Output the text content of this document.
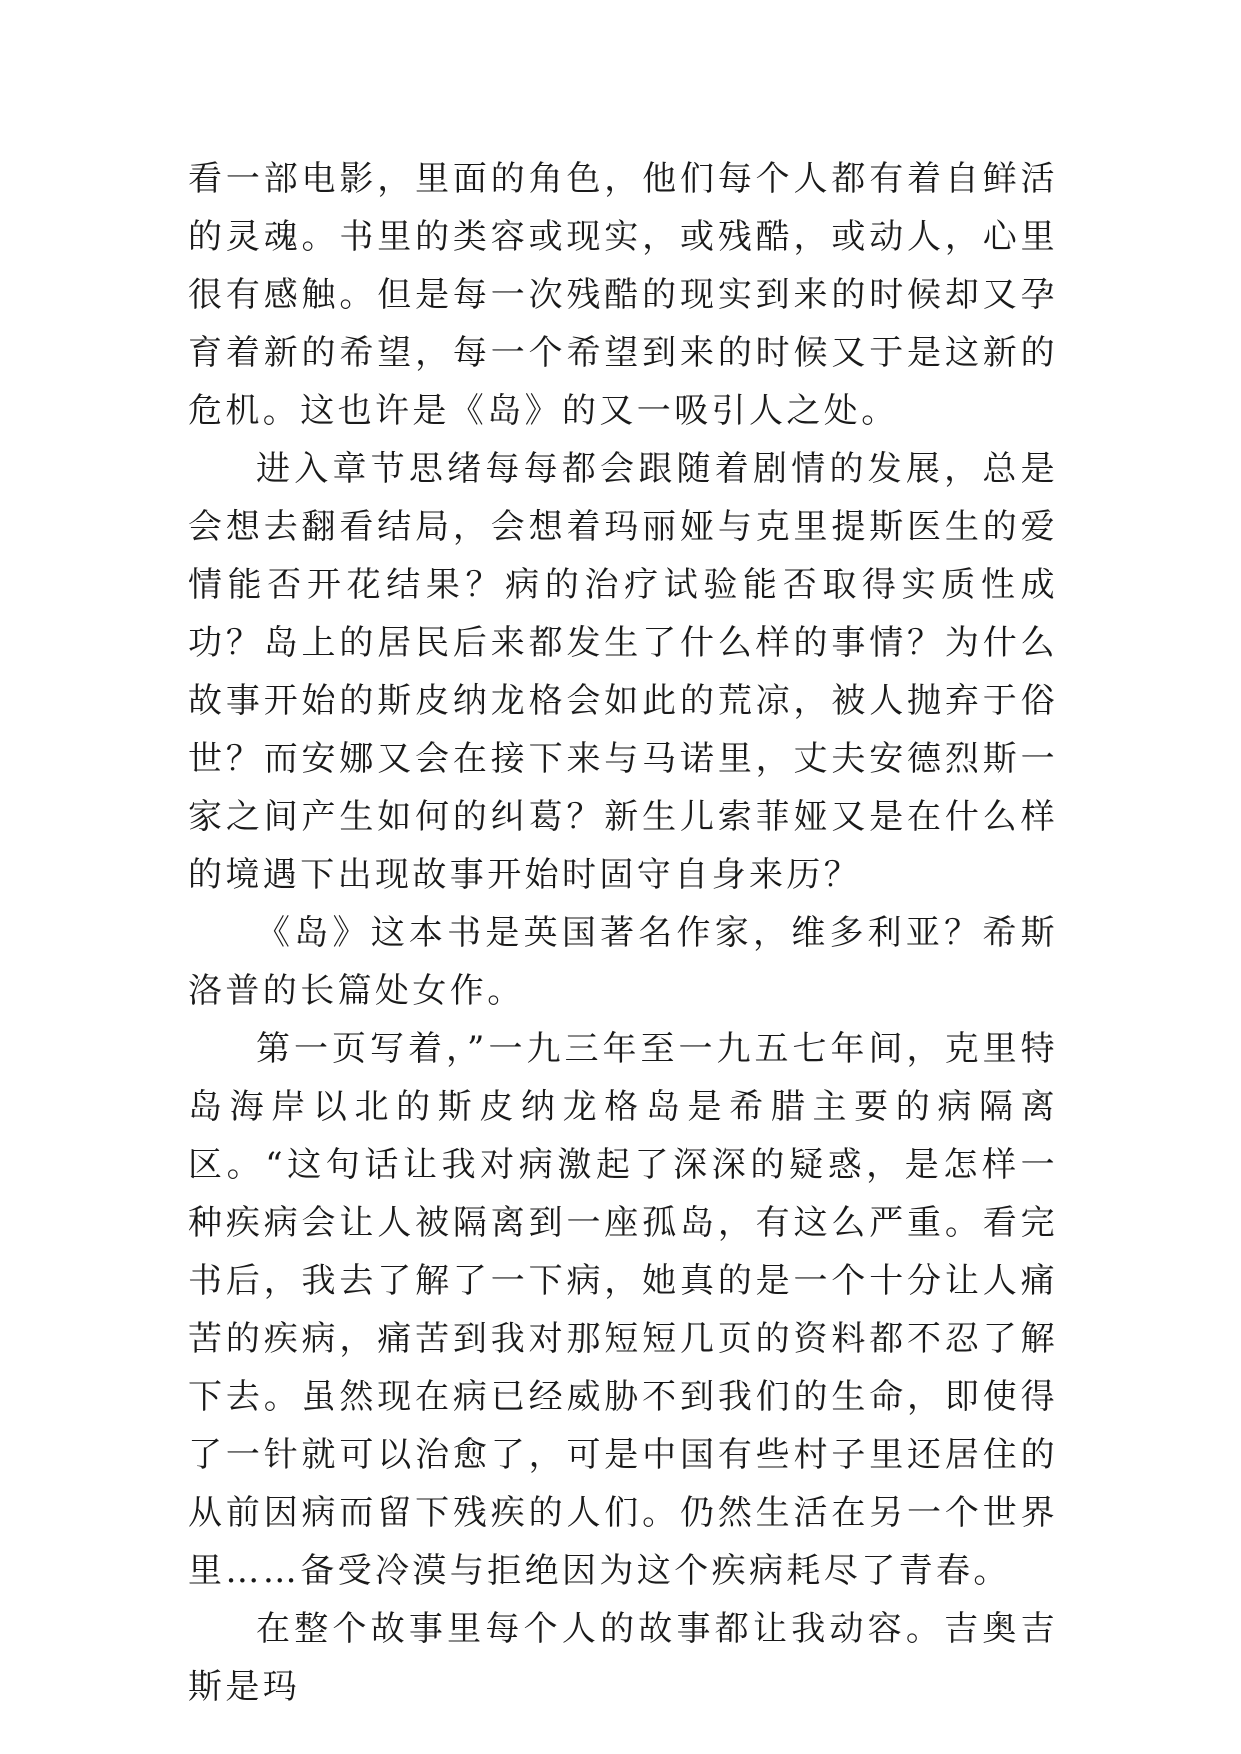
看一部电影，里面的角色，他们每个人都有着自鲜活的灵魂。书里的类容或现实，或残酷，或动人，心里很有感触。但是每一次残酷的现实到来的时候却又孕育着新的希望，每一个希望到来的时候又于是这新的危机。这也许是《岛》的又一吸引人之处。

进入章节思绪每每都会跟随着剧情的发展，总是会想去翻看结局，会想着玛丽娅与克里提斯医生的爱情能否开花结果？病的治疗试验能否取得实质性成功？岛上的居民后来都发生了什么样的事情？为什么故事开始的斯皮纳龙格会如此的荒凉，被人抛弃于俗世？而安娜又会在接下来与马诺里，丈夫安德烈斯一家之间产生如何的纠葛？新生儿索菲娅又是在什么样的境遇下出现故事开始时固守自身来历？

《岛》这本书是英国著名作家，维多利亚？希斯洛普的长篇处女作。

第一页写着，”一九三年至一九五七年间，克里特岛海岸以北的斯皮纳龙格岛是希腊主要的病隔离区。“这句话让我对病激起了深深的疑惑，是怎样一种疾病会让人被隔离到一座孤岛，有这么严重。看完书后，我去了解了一下病，她真的是一个十分让人痛苦的疾病，痛苦到我对那短短几页的资料都不忍了解下去。虽然现在病已经威胁不到我们的生命，即使得了一针就可以治愈了，可是中国有些村子里还居住的从前因病而留下残疾的人们。仍然生活在另一个世界里……备受冷漠与拒绝因为这个疾病耗尽了青春。

在整个故事里每个人的故事都让我动容。吉奥吉斯是玛
